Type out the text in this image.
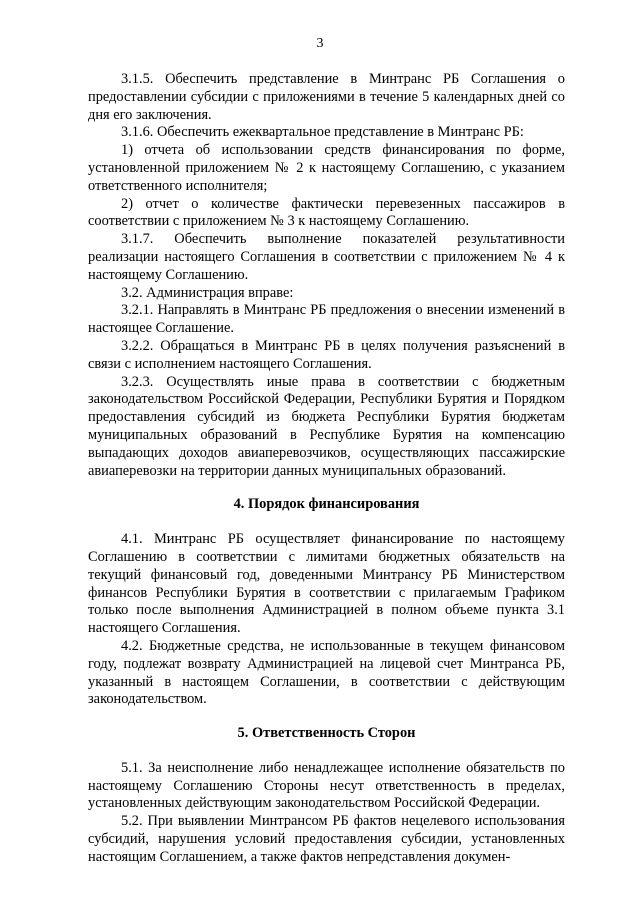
3

3.1.5. Обеспечить представление в Минтранс РБ Соглашения о предоставлении субсидии с приложениями в течение 5 календарных дней со дня его заключения.

3.1.6. Обеспечить ежеквартальное представление в Минтранс РБ:

1) отчета об использовании средств финансирования по форме, установленной приложением № 2 к настоящему Соглашению, с указанием ответственного исполнителя;

2) отчет о количестве фактически перевезенных пассажиров в соответствии с приложением № 3 к настоящему Соглашению.

3.1.7. Обеспечить выполнение показателей результативности реализации настоящего Соглашения в соответствии с приложением № 4 к настоящему Соглашению.

3.2. Администрация вправе:

3.2.1. Направлять в Минтранс РБ предложения о внесении изменений в настоящее Соглашение.

3.2.2. Обращаться в Минтранс РБ в целях получения разъяснений в связи с исполнением настоящего Соглашения.

3.2.3. Осуществлять иные права в соответствии с бюджетным законодательством Российской Федерации, Республики Бурятия и Порядком предоставления субсидий из бюджета Республики Бурятия бюджетам муниципальных образований в Республике Бурятия на компенсацию выпадающих доходов авиаперевозчиков, осуществляющих пассажирские авиаперевозки на территории данных муниципальных образований.

4. Порядок финансирования

4.1. Минтранс РБ осуществляет финансирование по настоящему Соглашению в соответствии с лимитами бюджетных обязательств на текущий финансовый год, доведенными Минтрансу РБ Министерством финансов Республики Бурятия в соответствии с прилагаемым Графиком только после выполнения Администрацией в полном объеме пункта 3.1 настоящего Соглашения.

4.2. Бюджетные средства, не использованные в текущем финансовом году, подлежат возврату Администрацией на лицевой счет Минтранса РБ, указанный в настоящем Соглашении, в соответствии с действующим законодательством.

5. Ответственность Сторон

5.1. За неисполнение либо ненадлежащее исполнение обязательств по настоящему Соглашению Стороны несут ответственность в пределах, установленных действующим законодательством Российской Федерации.

5.2. При выявлении Минтрансом РБ фактов нецелевого использования субсидий, нарушения условий предоставления субсидии, установленных настоящим Соглашением, а также фактов непредставления докумен-
